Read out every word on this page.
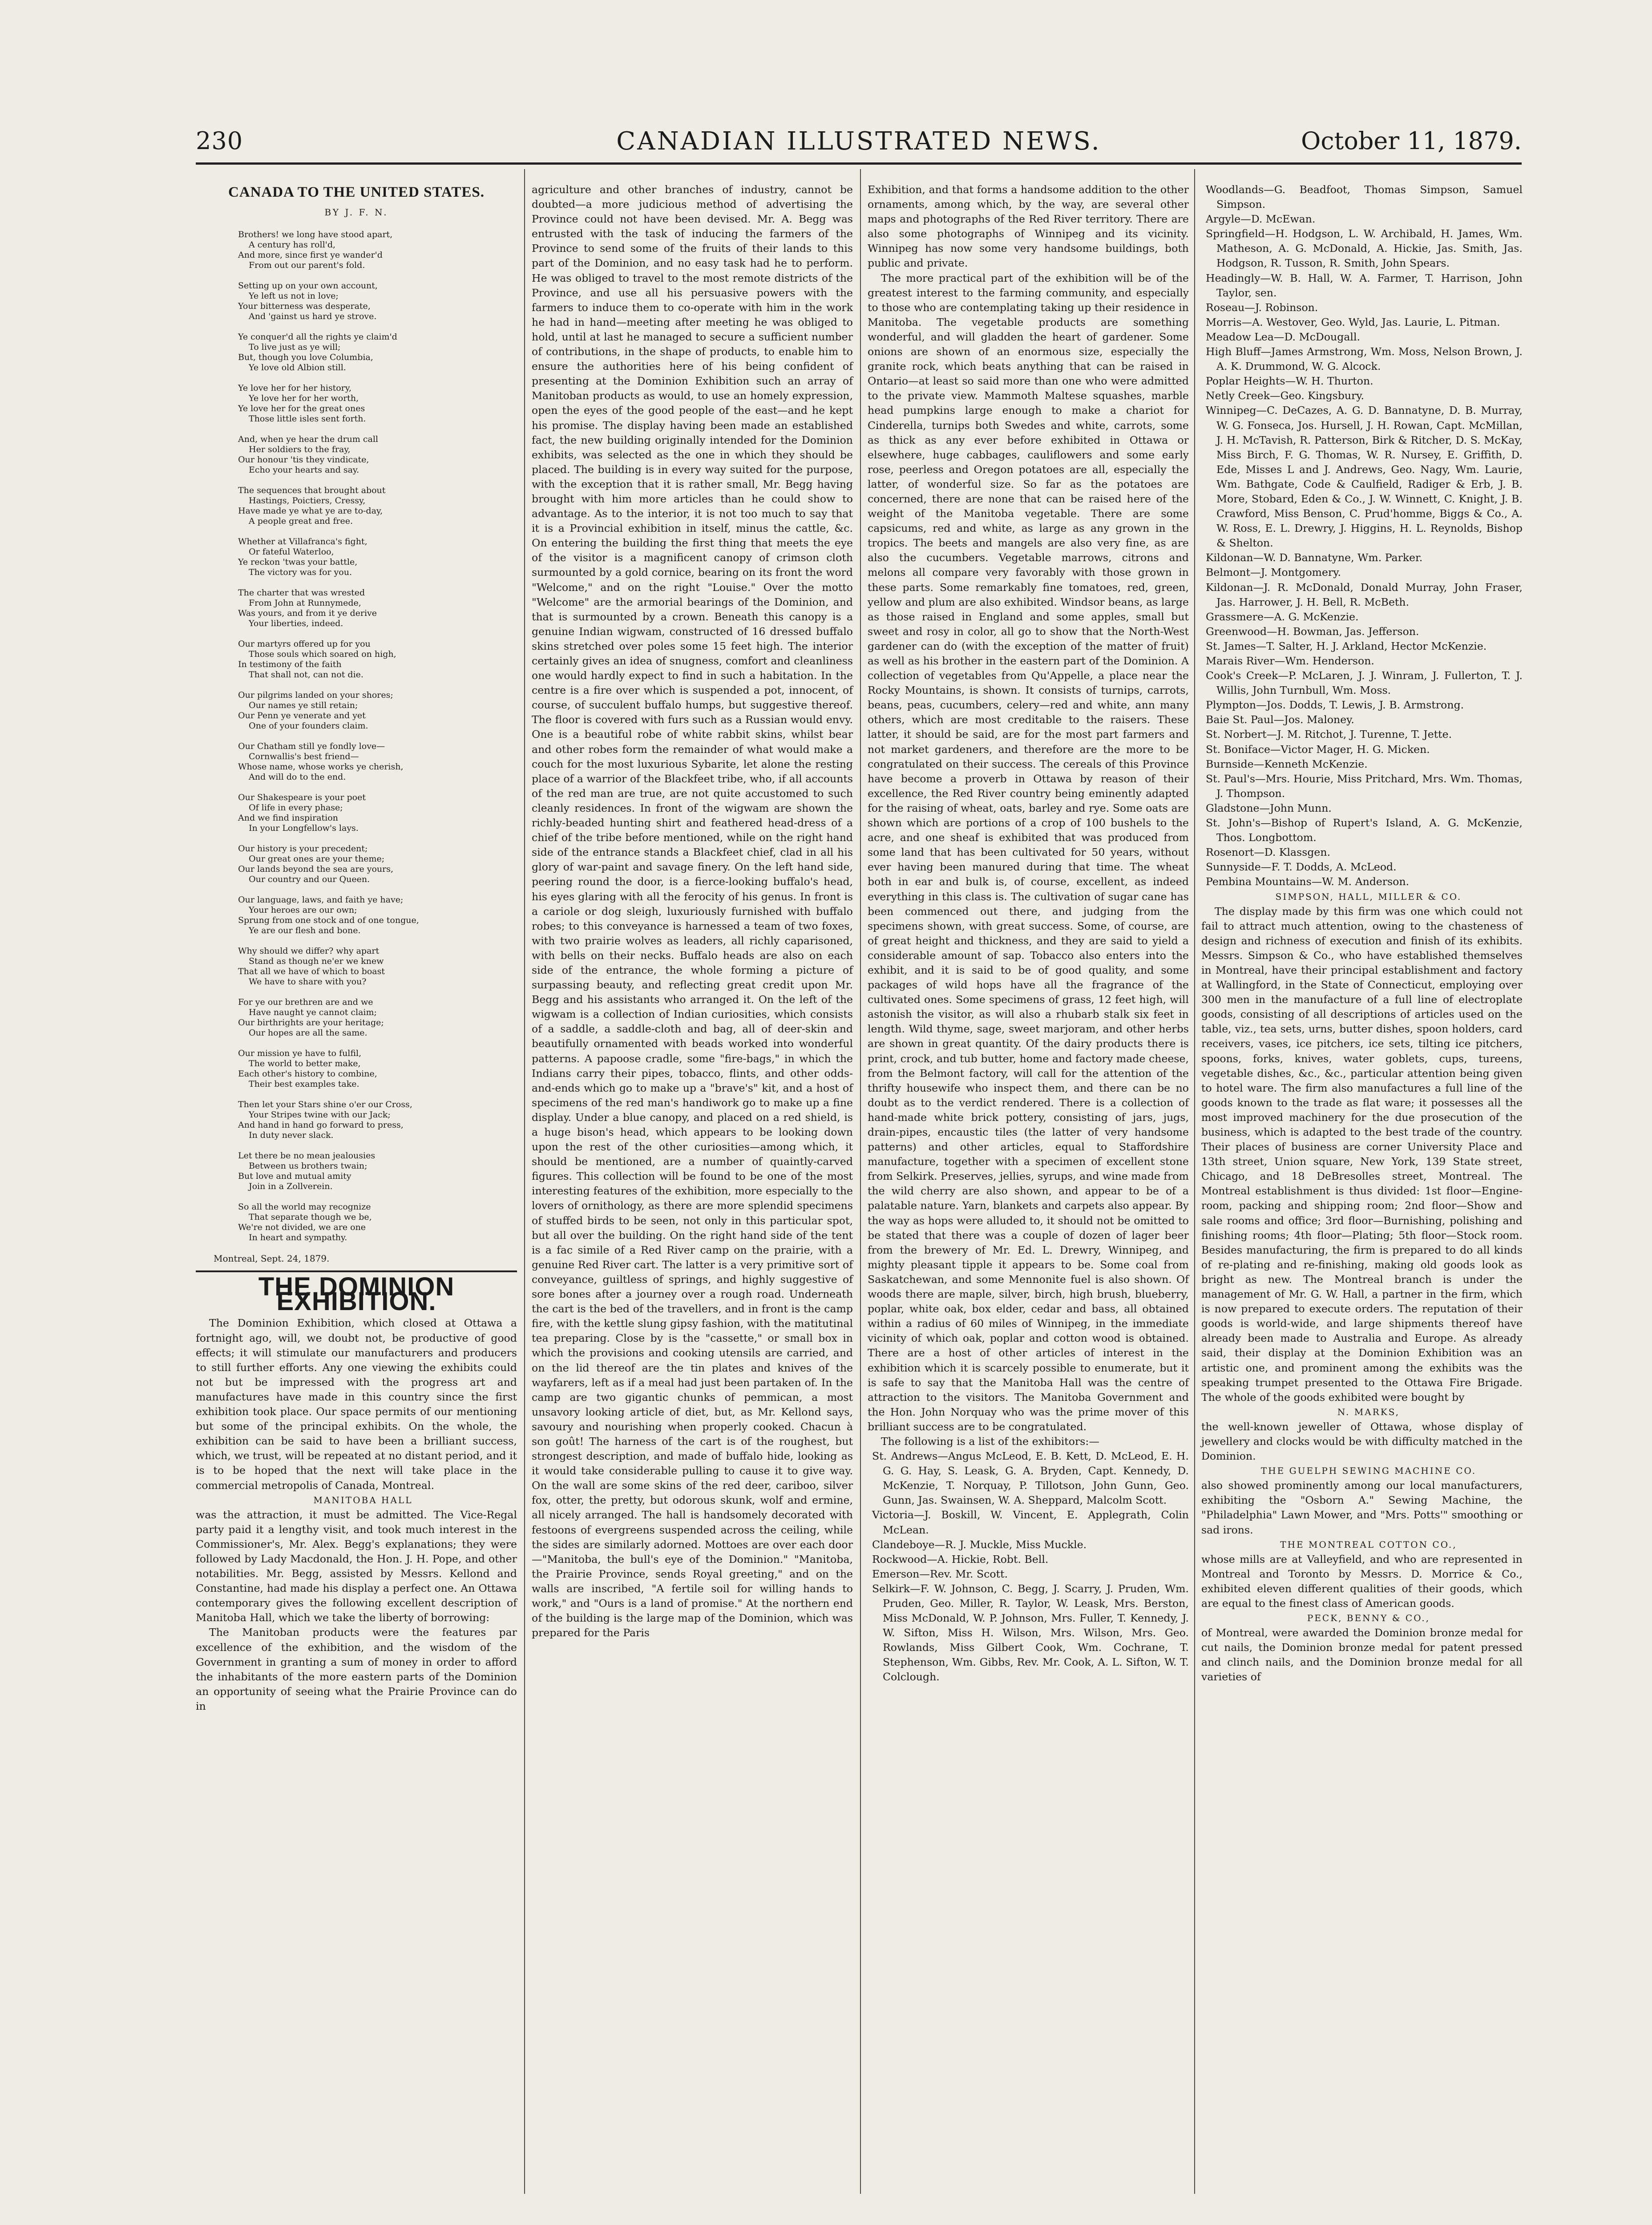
230	CANADIAN ILLUSTRATED NEWS.	October 11, 1879.
CANADA TO THE UNITED STATES.
BY J. F. N.
Brothers! we long have stood apart,
A century has roll'd,
And more, since first ye wander'd
From out our parent's fold.
Setting up on your own account,
Ye left us not in love;
Your bitterness was desperate,
And 'gainst us hard ye strove.
Ye conquer'd all the rights ye claim'd
To live just as ye will;
But, though you love Columbia,
Ye love old Albion still.
Ye love her for her history,
Ye love her for her worth,
Ye love her for the great ones
Those little isles sent forth.
And, when ye hear the drum call
Her soldiers to the fray,
Our honour 'tis they vindicate,
Echo your hearts and say.
The sequences that brought about
Hastings, Poictiers, Cressy,
Have made ye what ye are to-day,
A people great and free.
Whether at Villafranca's fight,
Or fateful Waterloo,
Ye reckon 'twas your battle,
The victory was for you.
The charter that was wrested
From John at Runnymede,
Was yours, and from it ye derive
Your liberties, indeed.
Our martyrs offered up for you
Those souls which soared on high,
In testimony of the faith
That shall not, can not die.
Our pilgrims landed on your shores;
Our names ye still retain;
Our Penn ye venerate and yet
One of your founders claim.
Our Chatham still ye fondly love—
Cornwallis's best friend—
Whose name, whose works ye cherish,
And will do to the end.
Our Shakespeare is your poet
Of life in every phase;
And we find inspiration
In your Longfellow's lays.
Our history is your precedent;
Our great ones are your theme;
Our lands beyond the sea are yours,
Our country and our Queen.
Our language, laws, and faith ye have;
Your heroes are our own;
Sprung from one stock and of one tongue,
Ye are our flesh and bone.
Why should we differ? why apart
Stand as though ne'er we knew
That all we have of which to boast
We have to share with you?
For ye our brethren are and we
Have naught ye cannot claim;
Our birthrights are your heritage;
Our hopes are all the same.
Our mission ye have to fulfil,
The world to better make,
Each other's history to combine,
Their best examples take.
Then let your Stars shine o'er our Cross,
Your Stripes twine with our Jack;
And hand in hand go forward to press,
In duty never slack.
Let there be no mean jealousies
Between us brothers twain;
But love and mutual amity
Join in a Zollverein.
So all the world may recognize
That separate though we be,
We're not divided, we are one
In heart and sympathy.
Montreal, Sept. 24, 1879.
THE DOMINION EXHIBITION.

The Dominion Exhibition, which closed at Ottawa a fortnight ago, will, we doubt not, be productive of good effects; it will stimulate our manufacturers and producers to still further efforts. Any one viewing the exhibits could not but be impressed with the progress art and manufactures have made in this country since the first exhibition took place. Our space permits of our mentioning but some of the principal exhibits. On the whole, the exhibition can be said to have been a brilliant success, which, we trust, will be repeated at no distant period, and it is to be hoped that the next will take place in the commercial metropolis of Canada, Montreal.

MANITOBA HALL

was the attraction, it must be admitted. The Vice-Regal party paid it a lengthy visit, and took much interest in the Commissioner's, Mr. Alex. Begg's explanations; they were followed by Lady Macdonald, the Hon. J. H. Pope, and other notabilities. Mr. Begg, assisted by Messrs. Kellond and Constantine, had made his display a perfect one. An Ottawa contemporary gives the following excellent description of Manitoba Hall, which we take the liberty of borrowing:

The Manitoban products were the features par excellence of the exhibition, and the wisdom of the Government in granting a sum of money in order to afford the inhabitants of the more eastern parts of the Dominion an opportunity of seeing what the Prairie Province can do in

agriculture and other branches of industry, cannot be doubted—a more judicious method of advertising the Province could not have been devised. Mr. A. Begg was entrusted with the task of inducing the farmers of the Province to send some of the fruits of their lands to this part of the Dominion, and no easy task had he to perform. He was obliged to travel to the most remote districts of the Province, and use all his persuasive powers with the farmers to induce them to co-operate with him in the work he had in hand—meeting after meeting he was obliged to hold, until at last he managed to secure a sufficient number of contributions, in the shape of products, to enable him to ensure the authorities here of his being confident of presenting at the Dominion Exhibition such an array of Manitoban products as would, to use an homely expression, open the eyes of the good people of the east—and he kept his promise. The display having been made an established fact, the new building originally intended for the Dominion exhibits, was selected as the one in which they should be placed. The building is in every way suited for the purpose, with the exception that it is rather small, Mr. Begg having brought with him more articles than he could show to advantage. As to the interior, it is not too much to say that it is a Provincial exhibition in itself, minus the cattle, &c. On entering the building the first thing that meets the eye of the visitor is a magnificent canopy of crimson cloth surmounted by a gold cornice, bearing on its front the word "Welcome," and on the right "Louise." Over the motto "Welcome" are the armorial bearings of the Dominion, and that is surmounted by a crown. Beneath this canopy is a genuine Indian wigwam, constructed of 16 dressed buffalo skins stretched over poles some 15 feet high. The interior certainly gives an idea of snugness, comfort and cleanliness one would hardly expect to find in such a habitation. In the centre is a fire over which is suspended a pot, innocent, of course, of succulent buffalo humps, but suggestive thereof. The floor is covered with furs such as a Russian would envy. One is a beautiful robe of white rabbit skins, whilst bear and other robes form the remainder of what would make a couch for the most luxurious Sybarite, let alone the resting place of a warrior of the Blackfeet tribe, who, if all accounts of the red man are true, are not quite accustomed to such cleanly residences. In front of the wigwam are shown the richly-beaded hunting shirt and feathered head-dress of a chief of the tribe before mentioned, while on the right hand side of the entrance stands a Blackfeet chief, clad in all his glory of war-paint and savage finery. On the left hand side, peering round the door, is a fierce-looking buffalo's head, his eyes glaring with all the ferocity of his genus. In front is a cariole or dog sleigh, luxuriously furnished with buffalo robes; to this conveyance is harnessed a team of two foxes, with two prairie wolves as leaders, all richly caparisoned, with bells on their necks. Buffalo heads are also on each side of the entrance, the whole forming a picture of surpassing beauty, and reflecting great credit upon Mr. Begg and his assistants who arranged it. On the left of the wigwam is a collection of Indian curiosities, which consists of a saddle, a saddle-cloth and bag, all of deer-skin and beautifully ornamented with beads worked into wonderful patterns. A papoose cradle, some "fire-bags," in which the Indians carry their pipes, tobacco, flints, and other odds-and-ends which go to make up a "brave's" kit, and a host of specimens of the red man's handiwork go to make up a fine display. Under a blue canopy, and placed on a red shield, is a huge bison's head, which appears to be looking down upon the rest of the other curiosities—among which, it should be mentioned, are a number of quaintly-carved figures. This collection will be found to be one of the most interesting features of the exhibition, more especially to the lovers of ornithology, as there are more splendid specimens of stuffed birds to be seen, not only in this particular spot, but all over the building. On the right hand side of the tent is a fac simile of a Red River camp on the prairie, with a genuine Red River cart. The latter is a very primitive sort of conveyance, guiltless of springs, and highly suggestive of sore bones after a journey over a rough road. Underneath the cart is the bed of the travellers, and in front is the camp fire, with the kettle slung gipsy fashion, with the matitutinal tea preparing. Close by is the "cassette," or small box in which the provisions and cooking utensils are carried, and on the lid thereof are the tin plates and knives of the wayfarers, left as if a meal had just been partaken of. In the camp are two gigantic chunks of pemmican, a most unsavory looking article of diet, but, as Mr. Kellond says, savoury and nourishing when properly cooked. Chacun à son goût! The harness of the cart is of the roughest, but strongest description, and made of buffalo hide, looking as it would take considerable pulling to cause it to give way. On the wall are some skins of the red deer, cariboo, silver fox, otter, the pretty, but odorous skunk, wolf and ermine, all nicely arranged. The hall is handsomely decorated with festoons of evergreens suspended across the ceiling, while the sides are similarly adorned. Mottoes are over each door—"Manitoba, the bull's eye of the Dominion." "Manitoba, the Prairie Province, sends Royal greeting," and on the walls are inscribed, "A fertile soil for willing hands to work," and "Ours is a land of promise." At the northern end of the building is the large map of the Dominion, which was prepared for the Paris

Exhibition, and that forms a handsome addition to the other ornaments, among which, by the way, are several other maps and photographs of the Red River territory. There are also some photographs of Winnipeg and its vicinity. Winnipeg has now some very handsome buildings, both public and private.

The more practical part of the exhibition will be of the greatest interest to the farming community, and especially to those who are contemplating taking up their residence in Manitoba. The vegetable products are something wonderful, and will gladden the heart of gardener. Some onions are shown of an enormous size, especially the granite rock, which beats anything that can be raised in Ontario—at least so said more than one who were admitted to the private view. Mammoth Maltese squashes, marble head pumpkins large enough to make a chariot for Cinderella, turnips both Swedes and white, carrots, some as thick as any ever before exhibited in Ottawa or elsewhere, huge cabbages, cauliflowers and some early rose, peerless and Oregon potatoes are all, especially the latter, of wonderful size. So far as the potatoes are concerned, there are none that can be raised here of the weight of the Manitoba vegetable. There are some capsicums, red and white, as large as any grown in the tropics. The beets and mangels are also very fine, as are also the cucumbers. Vegetable marrows, citrons and melons all compare very favorably with those grown in these parts. Some remarkably fine tomatoes, red, green, yellow and plum are also exhibited. Windsor beans, as large as those raised in England and some apples, small but sweet and rosy in color, all go to show that the North-West gardener can do (with the exception of the matter of fruit) as well as his brother in the eastern part of the Dominion. A collection of vegetables from Qu'Appelle, a place near the Rocky Mountains, is shown. It consists of turnips, carrots, beans, peas, cucumbers, celery—red and white, ann many others, which are most creditable to the raisers. These latter, it should be said, are for the most part farmers and not market gardeners, and therefore are the more to be congratulated on their success. The cereals of this Province have become a proverb in Ottawa by reason of their excellence, the Red River country being eminently adapted for the raising of wheat, oats, barley and rye. Some oats are shown which are portions of a crop of 100 bushels to the acre, and one sheaf is exhibited that was produced from some land that has been cultivated for 50 years, without ever having been manured during that time. The wheat both in ear and bulk is, of course, excellent, as indeed everything in this class is. The cultivation of sugar cane has been commenced out there, and judging from the specimens shown, with great success. Some, of course, are of great height and thickness, and they are said to yield a considerable amount of sap. Tobacco also enters into the exhibit, and it is said to be of good quality, and some packages of wild hops have all the fragrance of the cultivated ones. Some specimens of grass, 12 feet high, will astonish the visitor, as will also a rhubarb stalk six feet in length. Wild thyme, sage, sweet marjoram, and other herbs are shown in great quantity. Of the dairy products there is print, crock, and tub butter, home and factory made cheese, from the Belmont factory, will call for the attention of the thrifty housewife who inspect them, and there can be no doubt as to the verdict rendered. There is a collection of hand-made white brick pottery, consisting of jars, jugs, drain-pipes, encaustic tiles (the latter of very handsome patterns) and other articles, equal to Staffordshire manufacture, together with a specimen of excellent stone from Selkirk. Preserves, jellies, syrups, and wine made from the wild cherry are also shown, and appear to be of a palatable nature. Yarn, blankets and carpets also appear. By the way as hops were alluded to, it should not be omitted to be stated that there was a couple of dozen of lager beer from the brewery of Mr. Ed. L. Drewry, Winnipeg, and mighty pleasant tipple it appears to be. Some coal from Saskatchewan, and some Mennonite fuel is also shown. Of woods there are maple, silver, birch, high brush, blueberry, poplar, white oak, box elder, cedar and bass, all obtained within a radius of 60 miles of Winnipeg, in the immediate vicinity of which oak, poplar and cotton wood is obtained. There are a host of other articles of interest in the exhibition which it is scarcely possible to enumerate, but it is safe to say that the Manitoba Hall was the centre of attraction to the visitors. The Manitoba Government and the Hon. John Norquay who was the prime mover of this brilliant success are to be congratulated.

The following is a list of the exhibitors:—

St. Andrews—Angus McLeod, E. B. Kett, D. McLeod, E. H. G. G. Hay, S. Leask, G. A. Bryden, Capt. Kennedy, D. McKenzie, T. Norquay, P. Tillotson, John Gunn, Geo. Gunn, Jas. Swainsen, W. A. Sheppard, Malcolm Scott.

Victoria—J. Boskill, W. Vincent, E. Applegrath, Colin McLean.

Clandeboye—R. J. Muckle, Miss Muckle.

Rockwood—A. Hickie, Robt. Bell.

Emerson—Rev. Mr. Scott.

Selkirk—F. W. Johnson, C. Begg, J. Scarry, J. Pruden, Wm. Pruden, Geo. Miller, R. Taylor, W. Leask, Mrs. Berston, Miss McDonald, W. P. Johnson, Mrs. Fuller, T. Kennedy, J. W. Sifton, Miss H. Wilson, Mrs. Wilson, Mrs. Geo. Rowlands, Miss Gilbert Cook, Wm. Cochrane, T. Stephenson, Wm. Gibbs, Rev. Mr. Cook, A. L. Sifton, W. T. Colclough.

Woodlands—G. Beadfoot, Thomas Simpson, Samuel Simpson.

Argyle—D. McEwan.

Springfield—H. Hodgson, L. W. Archibald, H. James, Wm. Matheson, A. G. McDonald, A. Hickie, Jas. Smith, Jas. Hodgson, R. Tusson, R. Smith, John Spears.

Headingly—W. B. Hall, W. A. Farmer, T. Harrison, John Taylor, sen.

Roseau—J. Robinson.

Morris—A. Westover, Geo. Wyld, Jas. Laurie, L. Pitman.

Meadow Lea—D. McDougall.

High Bluff—James Armstrong, Wm. Moss, Nelson Brown, J. A. K. Drummond, W. G. Alcock.

Poplar Heights—W. H. Thurton.

Netly Creek—Geo. Kingsbury.

Winnipeg—C. DeCazes, A. G. D. Bannatyne, D. B. Murray, W. G. Fonseca, Jos. Hursell, J. H. Rowan, Capt. McMillan, J. H. McTavish, R. Patterson, Birk & Ritcher, D. S. McKay, Miss Birch, F. G. Thomas, W. R. Nursey, E. Griffith, D. Ede, Misses L and J. Andrews, Geo. Nagy, Wm. Laurie, Wm. Bathgate, Code & Caulfield, Radiger & Erb, J. B. More, Stobard, Eden & Co., J. W. Winnett, C. Knight, J. B. Crawford, Miss Benson, C. Prud'homme, Biggs & Co., A. W. Ross, E. L. Drewry, J. Higgins, H. L. Reynolds, Bishop & Shelton.

Kildonan—W. D. Bannatyne, Wm. Parker.

Belmont—J. Montgomery.

Kildonan—J. R. McDonald, Donald Murray, John Fraser, Jas. Harrower, J. H. Bell, R. McBeth.

Grassmere—A. G. McKenzie.

Greenwood—H. Bowman, Jas. Jefferson.

St. James—T. Salter, H. J. Arkland, Hector McKenzie.

Marais River—Wm. Henderson.

Cook's Creek—P. McLaren, J. J. Winram, J. Fullerton, T. J. Willis, John Turnbull, Wm. Moss.

Plympton—Jos. Dodds, T. Lewis, J. B. Armstrong.

Baie St. Paul—Jos. Maloney.

St. Norbert—J. M. Ritchot, J. Turenne, T. Jette.

St. Boniface—Victor Mager, H. G. Micken.

Burnside—Kenneth McKenzie.

St. Paul's—Mrs. Hourie, Miss Pritchard, Mrs. Wm. Thomas, J. Thompson.

Gladstone—John Munn.

St. John's—Bishop of Rupert's Island, A. G. McKenzie, Thos. Longbottom.

Rosenort—D. Klassgen.

Sunnyside—F. T. Dodds, A. McLeod.

Pembina Mountains—W. M. Anderson.

SIMPSON, HALL, MILLER & CO.

The display made by this firm was one which could not fail to attract much attention, owing to the chasteness of design and richness of execution and finish of its exhibits. Messrs. Simpson & Co., who have established themselves in Montreal, have their principal establishment and factory at Wallingford, in the State of Connecticut, employing over 300 men in the manufacture of a full line of electroplate goods, consisting of all descriptions of articles used on the table, viz., tea sets, urns, butter dishes, spoon holders, card receivers, vases, ice pitchers, ice sets, tilting ice pitchers, spoons, forks, knives, water goblets, cups, tureens, vegetable dishes, &c., &c., particular attention being given to hotel ware. The firm also manufactures a full line of the goods known to the trade as flat ware; it possesses all the most improved machinery for the due prosecution of the business, which is adapted to the best trade of the country. Their places of business are corner University Place and 13th street, Union square, New York, 139 State street, Chicago, and 18 DeBresolles street, Montreal. The Montreal establishment is thus divided: 1st floor—Engine-room, packing and shipping room; 2nd floor—Show and sale rooms and office; 3rd floor—Burnishing, polishing and finishing rooms; 4th floor—Plating; 5th floor—Stock room. Besides manufacturing, the firm is prepared to do all kinds of re-plating and re-finishing, making old goods look as bright as new. The Montreal branch is under the management of Mr. G. W. Hall, a partner in the firm, which is now prepared to execute orders. The reputation of their goods is world-wide, and large shipments thereof have already been made to Australia and Europe. As already said, their display at the Dominion Exhibition was an artistic one, and prominent among the exhibits was the speaking trumpet presented to the Ottawa Fire Brigade. The whole of the goods exhibited were bought by

N. MARKS,

the well-known jeweller of Ottawa, whose display of jewellery and clocks would be with difficulty matched in the Dominion.

THE GUELPH SEWING MACHINE CO.

also showed prominently among our local manufacturers, exhibiting the "Osborn A." Sewing Machine, the "Philadelphia" Lawn Mower, and "Mrs. Potts'" smoothing or sad irons.

THE MONTREAL COTTON CO.,

whose mills are at Valleyfield, and who are represented in Montreal and Toronto by Messrs. D. Morrice & Co., exhibited eleven different qualities of their goods, which are equal to the finest class of American goods.

PECK, BENNY & CO.,

of Montreal, were awarded the Dominion bronze medal for cut nails, the Dominion bronze medal for patent pressed and clinch nails, and the Dominion bronze medal for all varieties of
